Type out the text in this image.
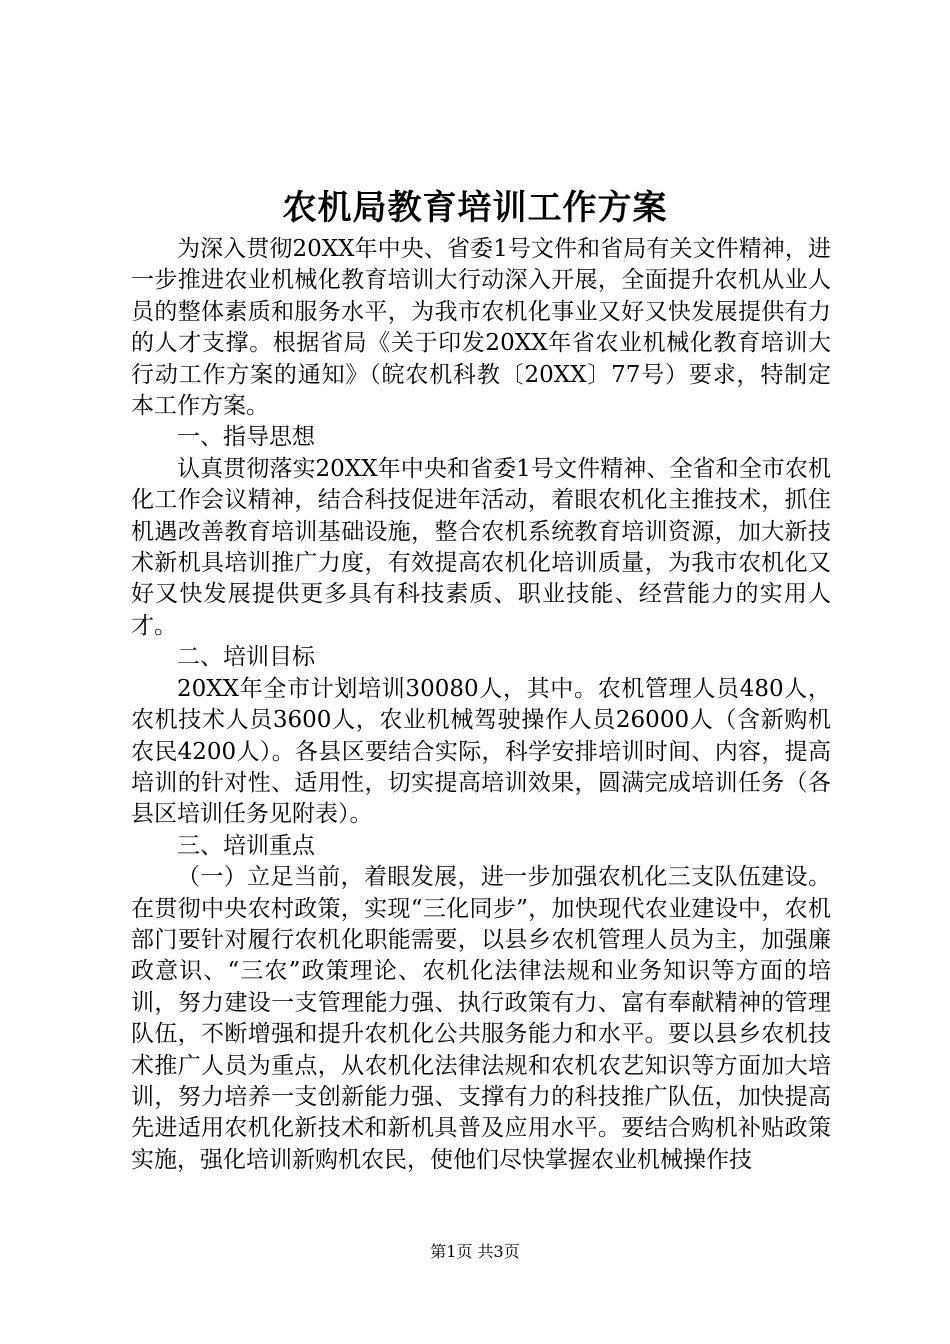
农机局教育培训工作方案

为深入贯彻20XX年中央、省委1号文件和省局有关文件精神，进一步推进农业机械化教育培训大行动深入开展，全面提升农机从业人员的整体素质和服务水平，为我市农机化事业又好又快发展提供有力的人才支撑。根据省局《关于印发20XX年省农业机械化教育培训大行动工作方案的通知》（皖农机科教〔20XX〕77号）要求，特制定本工作方案。

一、指导思想

认真贯彻落实20XX年中央和省委1号文件精神、全省和全市农机化工作会议精神，结合科技促进年活动，着眼农机化主推技术，抓住机遇改善教育培训基础设施，整合农机系统教育培训资源，加大新技术新机具培训推广力度，有效提高农机化培训质量，为我市农机化又好又快发展提供更多具有科技素质、职业技能、经营能力的实用人才。

二、培训目标

20XX年全市计划培训30080人，其中。农机管理人员480人，农机技术人员3600人，农业机械驾驶操作人员26000人（含新购机农民4200人）。各县区要结合实际，科学安排培训时间、内容，提高培训的针对性、适用性，切实提高培训效果，圆满完成培训任务（各县区培训任务见附表）。

三、培训重点

（一）立足当前，着眼发展，进一步加强农机化三支队伍建设。在贯彻中央农村政策，实现“三化同步”，加快现代农业建设中，农机部门要针对履行农机化职能需要，以县乡农机管理人员为主，加强廉政意识、“三农”政策理论、农机化法律法规和业务知识等方面的培训，努力建设一支管理能力强、执行政策有力、富有奉献精神的管理队伍，不断增强和提升农机化公共服务能力和水平。要以县乡农机技术推广人员为重点，从农机化法律法规和农机农艺知识等方面加大培训，努力培养一支创新能力强、支撑有力的科技推广队伍，加快提高先进适用农机化新技术和新机具普及应用水平。要结合购机补贴政策实施，强化培训新购机农民，使他们尽快掌握农业机械操作技

第1页 共3页
